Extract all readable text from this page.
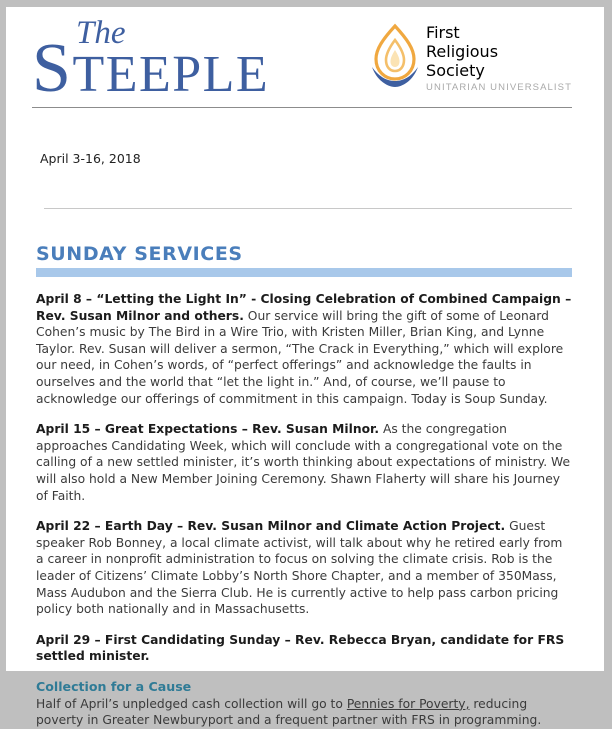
The
STEEPLE
First
Religious
Society
UNITARIAN UNIVERSALIST
April 3-16, 2018
SUNDAY SERVICES

April 8 – “Letting the Light In” - Closing Celebration of Combined Campaign – Rev. Susan Milnor and others. Our service will bring the gift of some of Leonard Cohen’s music by The Bird in a Wire Trio, with Kristen Miller, Brian King, and Lynne Taylor. Rev. Susan will deliver a sermon, “The Crack in Everything,” which will explore our need, in Cohen’s words, of “perfect offerings” and acknowledge the faults in ourselves and the world that “let the light in.” And, of course, we’ll pause to acknowledge our offerings of commitment in this campaign. Today is Soup Sunday.

April 15 – Great Expectations – Rev. Susan Milnor. As the congregation approaches Candidating Week, which will conclude with a congregational vote on the calling of a new settled minister, it’s worth thinking about expectations of ministry. We will also hold a New Member Joining Ceremony. Shawn Flaherty will share his Journey of Faith.

April 22 – Earth Day – Rev. Susan Milnor and Climate Action Project. Guest speaker Rob Bonney, a local climate activist, will talk about why he retired early from a career in nonprofit administration to focus on solving the climate crisis. Rob is the leader of Citizens’ Climate Lobby’s North Shore Chapter, and a member of 350Mass, Mass Audubon and the Sierra Club. He is currently active to help pass carbon pricing policy both nationally and in Massachusetts.

April 29 – First Candidating Sunday – Rev. Rebecca Bryan, candidate for FRS settled minister.

Collection for a Cause

Half of April’s unpledged cash collection will go to Pennies for Poverty, reducing poverty in Greater Newburyport and a frequent partner with FRS in programming.
